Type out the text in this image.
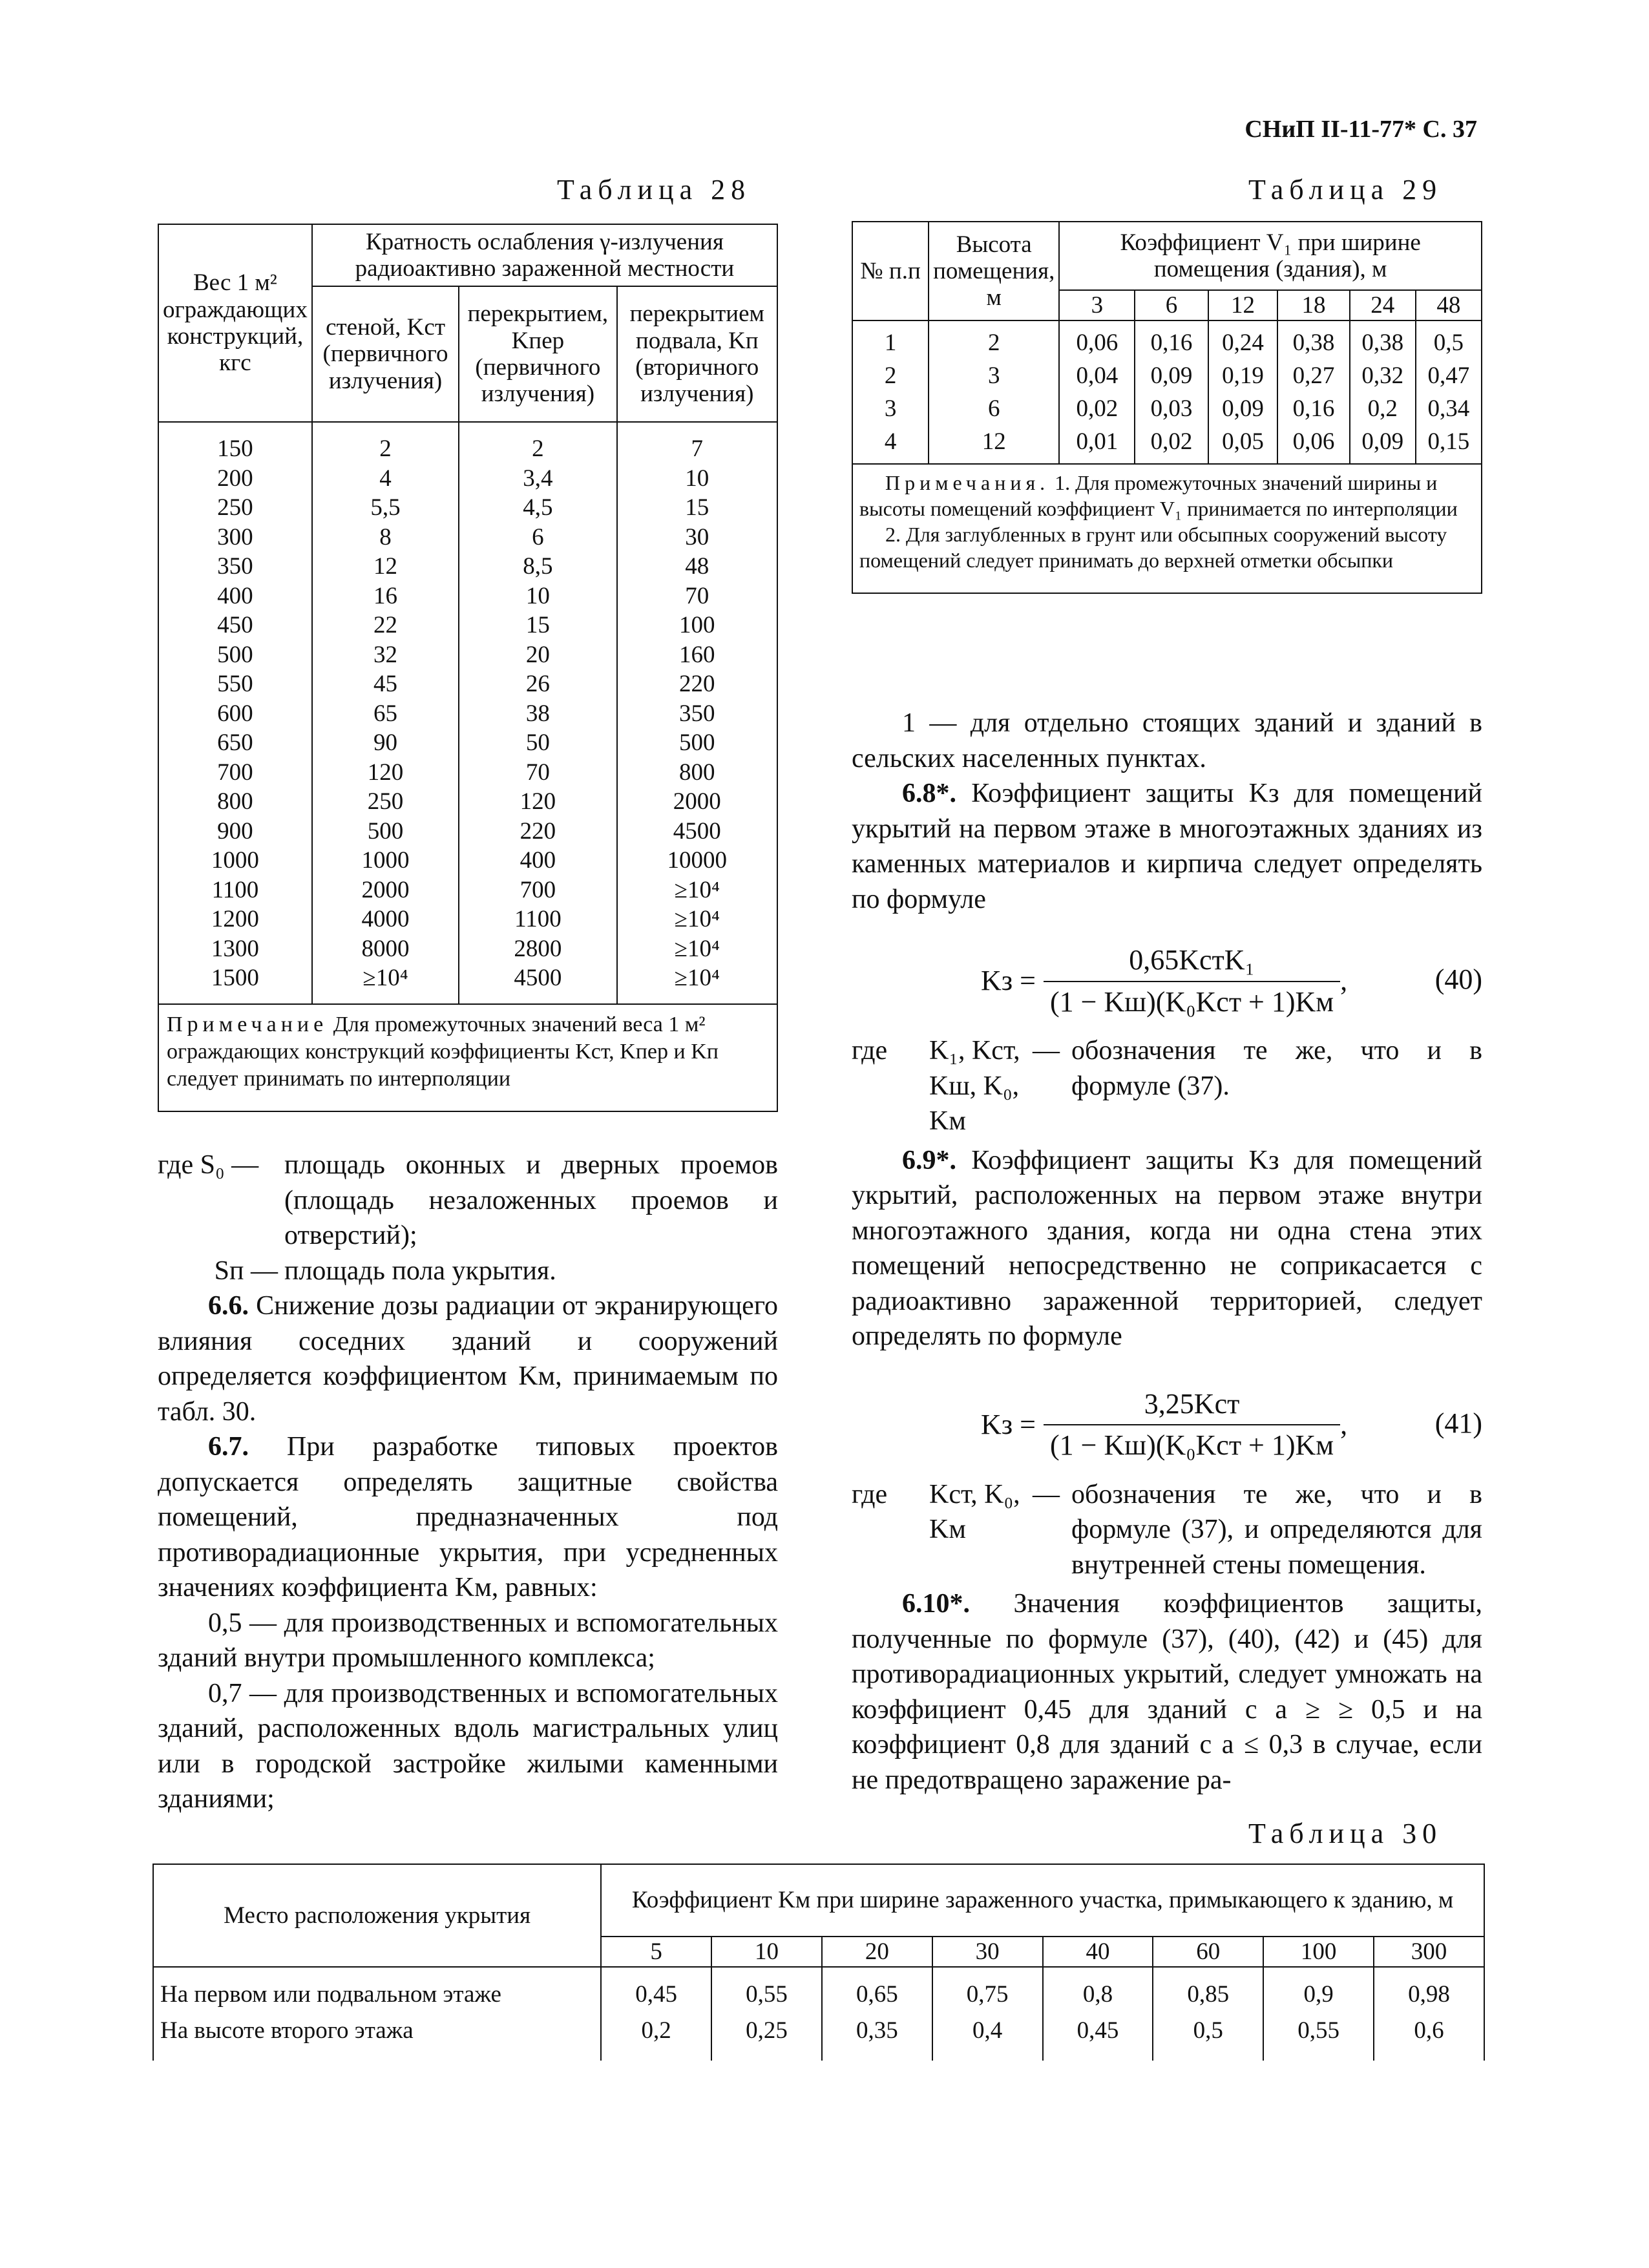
СНиП II-11-77* С. 37
Таблица 28
Вес 1 м² ограждающих конструкций, кгс	Кратность ослабления γ-излучения радиоактивно зараженной местности		
	стеной, Kст (первичного излучения)	перекрытием, Kпер (первичного излучения)	перекрытием подвала, Kп (вторичного излучения)
150	2	2	7
200	4	3,4	10
250	5,5	4,5	15
300	8	6	30
350	12	8,5	48
400	16	10	70
450	22	15	100
500	32	20	160
550	45	26	220
600	65	38	350
650	90	50	500
700	120	70	800
800	250	120	2000
900	500	220	4500
1000	1000	400	10000
1100	2000	700	≥10⁴
1200	4000	1100	≥10⁴
1300	8000	2800	≥10⁴
1500	≥10⁴	4500	≥10⁴
Примечание Для промежуточных значений веса 1 м² ограждающих конструкций коэффициенты Kст, Kпер и Kп следует принимать по интерполяции			
Таблица 29
№ п.п	Высота помещения, м	Коэффициент V₁ при ширине помещения (здания), м					
		3	6	12	18	24	48
1	2	0,06	0,16	0,24	0,38	0,38	0,5
2	3	0,04	0,09	0,19	0,27	0,32	0,47
3	6	0,02	0,03	0,09	0,16	0,2	0,34
4	12	0,01	0,02	0,05	0,06	0,09	0,15

Примечания. 1. Для промежуточных значений ширины и высоты помещений коэффициент V₁ принимается по интерполяции
2. Для заглубленных в грунт или обсыпных сооружений высоту помещений следует принимать до верхней отметки обсыпки							
где S₀ — площадь оконных и дверных проемов (площадь незаложенных проемов и отверстий);
Sп — площадь пола укрытия.

6.6. Снижение дозы радиации от экранирующего влияния соседних зданий и сооружений определяется коэффициентом Kм, принимаемым по табл. 30.

6.7. При разработке типовых проектов допускается определять защитные свойства помещений, предназначенных под противорадиационные укрытия, при усредненных значениях коэффициента Kм, равных:

0,5 — для производственных и вспомогательных зданий внутри промышленного комплекса;

0,7 — для производственных и вспомогательных зданий, расположенных вдоль магистральных улиц или в городской застройке жилыми каменными зданиями;

1 — для отдельно стоящих зданий и зданий в сельских населенных пунктах.

6.8*. Коэффициент защиты Kз для помещений укрытий на первом этаже в многоэтажных зданиях из каменных материалов и кирпича следует определять по формуле

Kз = $\frac{\text{0,65KстK₁}}{\text{(1 − Kш)(K₀Kст + 1)Kм}}$ ,	(40)
где	K₁, Kст, Kш, K₀, Kм
— обозначения те же, что и в формуле (37).

6.9*. Коэффициент защиты Kз для помещений укрытий, расположенных на первом этаже внутри многоэтажного здания, когда ни одна стена этих помещений непосредственно не соприкасается с радиоактивно зараженной территорией, следует определять по формуле

Kз = $\frac{\text{3,25Kст}}{\text{(1 − Kш)(K₀Kст + 1)Kм}}$ ,	(41)
где	Kст, K₀, Kм
— обозначения те же, что и в формуле (37), и определяются для внутренней стены помещения.

6.10*. Значения коэффициентов защиты, полученные по формуле (37), (40), (42) и (45) для противорадиационных укрытий, следует умножать на коэффициент 0,45 для зданий с a ≥ ≥ 0,5 и на коэффициент 0,8 для зданий с a ≤ 0,3 в случае, если не предотвращено заражение ра-

Таблица 30
Место расположения укрытия	Коэффициент Kм при ширине зараженного участка, примыкающего к зданию, м							
	5	10	20	30	40	60	100	300
На первом или подвальном этаже	0,45	0,55	0,65	0,75	0,8	0,85	0,9	0,98
На высоте второго этажа	0,2	0,25	0,35	0,4	0,45	0,5	0,55	0,6
